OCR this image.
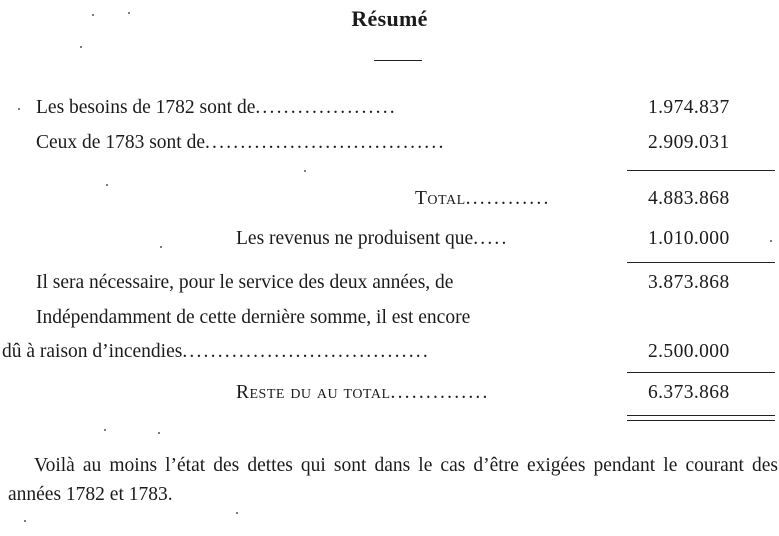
Résumé
Les besoins de 1782 sont de....................	1.974.837
Ceux de 1783 sont de..................................	2.909.031
Total............	4.883.868
Les revenus ne produisent que.....	1.010.000
Il sera nécessaire, pour le service des deux années, de	3.873.868
Indépendamment de cette dernière somme, il est encore
dû à raison d’incendies...................................	2.500.000
Reste du au total..............	6.373.868
Voilà au moins l’état des dettes qui sont dans le cas d’être exigées pendant le courant des années 1782 et 1783.
